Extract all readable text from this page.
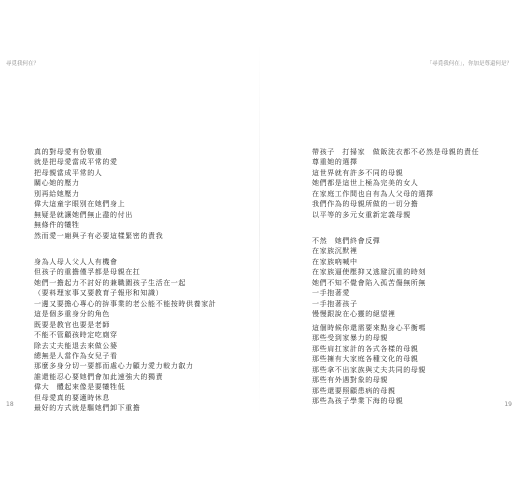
尋覓我何在？
真的對母愛有份敬重
就是把母愛當成平常的愛
把母親當成平常的人
關心她的壓力
別再給她壓力
偉大這童字眼別在她們身上
無疑是就讓她們無止盡的付出
無條件的犧牲
然而愛一廂與子有必要這樣緊密的責我
身為人母人父人人有機會
但孩子的重擔僅孚都是母親在扛
她們一擔起力不討好的兼職圍孩子生活在一起
（要料理家事又要教育子報形和知識）
一邊又要擔心專心的拚事業的老公能不能按時供養家計
這是個多重身分的角色
既要是教官也要是老師
不能不管顧孩時定吃廁穿
除去丈夫能退去來做公婆
總無是人當作為女兒子看
那麼多身分切一要都而處心力顧力愛力較力叡力
誰還能忍心要她們會加此速強大的獨責
偉大　體起來像是要犧牲低
但母愛真的要適時休息
最好的方式就是驅她們卸下重擔
18
「尋覓我何在」，你加是尊還何是？
帶孩子　打掃家　做飯洗衣都不必然是母親的責任
尊重她的選擇
這世界就有許多不同的母親
她們都是這世上極為完美的女人
在家庭工作間也自有為人父母的選擇
我們作為的母親所做的一切分擔
以平等的多元女重新定義母親
不然　她們終會反彈
在家族沉默裡
在家族吶喊中
在家族逼使壓抑又逃避沉重的時刻
她們不知不覺會陷入孤苦傷無所無
一手抱著愛
一手抱著孩子
慢慢跟說在心靈的絕望裡
這個時候你還需要來點身心平衡嗎
那些受到家暴力的母親
那些肩扛家計的各式各樣的母親
那些擁有大家庭各種文化的母親
那些拿不出家族與丈夫共同的母親
那些有外遇對象的母親
那些還要照顧患病的母親
那些為孩子學業下海的母親	19
